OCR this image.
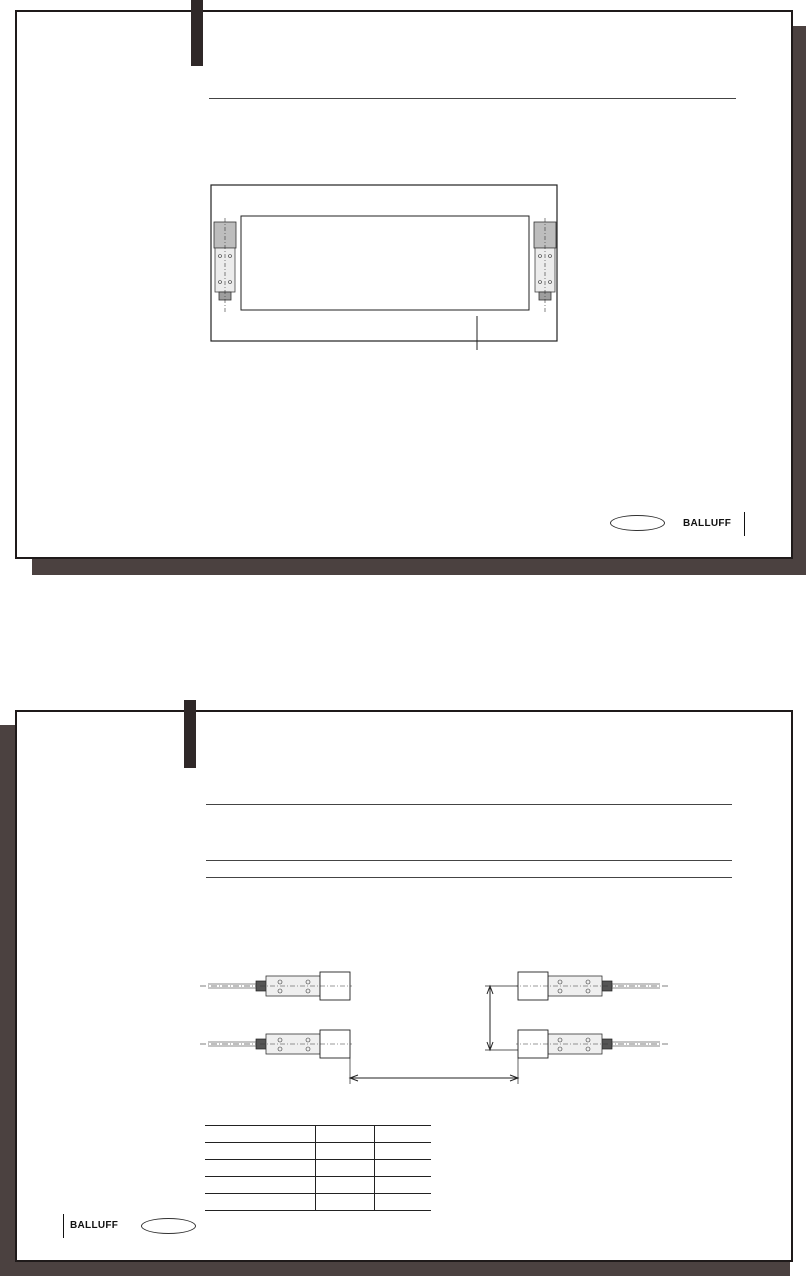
BALLUFF

BALLUFF
